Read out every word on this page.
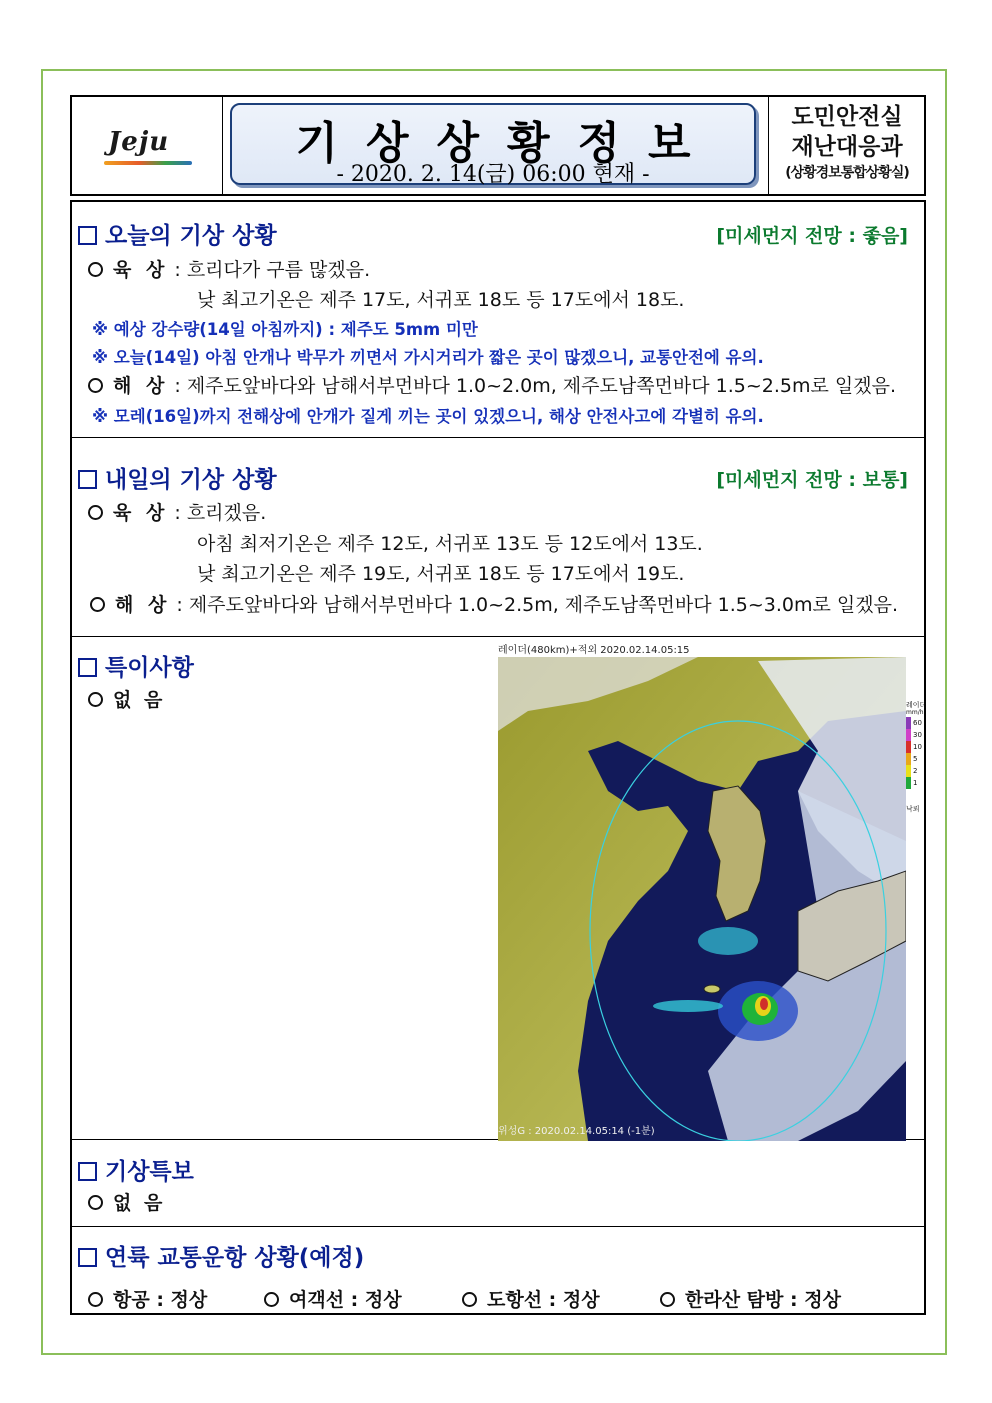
Jeju	기상상황정보
- 2020. 2. 14(금) 06:00 현재 -
도민안전실
재난대응과
(상황경보통합상황실)
오늘의 기상 상황	[미세먼지 전망 : 좋음]
육 상 : 흐리다가 구름 많겠음.
낮 최고기온은 제주 17도, 서귀포 18도 등 17도에서 18도.
※ 예상 강수량(14일 아침까지) : 제주도 5mm 미만
※ 오늘(14일) 아침 안개나 박무가 끼면서 가시거리가 짧은 곳이 많겠으니, 교통안전에 유의.
해 상 : 제주도앞바다와 남해서부먼바다 1.0~2.0m, 제주도남쪽먼바다 1.5~2.5m로 일겠음.
※ 모레(16일)까지 전해상에 안개가 짙게 끼는 곳이 있겠으니, 해상 안전사고에 각별히 유의.
내일의 기상 상황	[미세먼지 전망 : 보통]
육 상 : 흐리겠음.
아침 최저기온은 제주 12도, 서귀포 13도 등 12도에서 13도.
낮 최고기온은 제주 19도, 서귀포 18도 등 17도에서 19도.
해 상 : 제주도앞바다와 남해서부먼바다 1.0~2.5m, 제주도남쪽먼바다 1.5~3.0m로 일겠음.
특이사항
없 음
레이더(480km)+적외 2020.02.14.05:15
위성G : 2020.02.14.05:14 (-1분)
레이더
mm/h
60
30
10
5
2
1
낙뢰
기상특보
없 음
연륙 교통운항 상황(예정)
항공 : 정상	여객선 : 정상	도항선 : 정상	한라산 탐방 : 정상
